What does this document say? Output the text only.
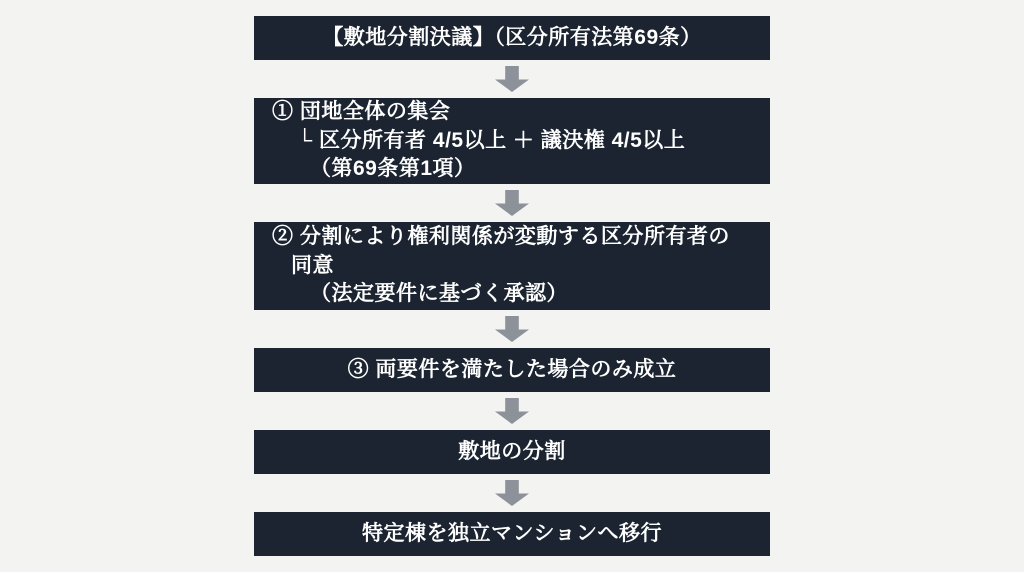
【敷地分割決議】（区分所有法第69条）
① 団地全体の集会
└ 区分所有者 4/5以上 ＋ 議決権 4/5以上
（第69条第1項）
② 分割により権利関係が変動する区分所有者の
同意
（法定要件に基づく承認）
③ 両要件を満たした場合のみ成立
敷地の分割
特定棟を独立マンションへ移行
